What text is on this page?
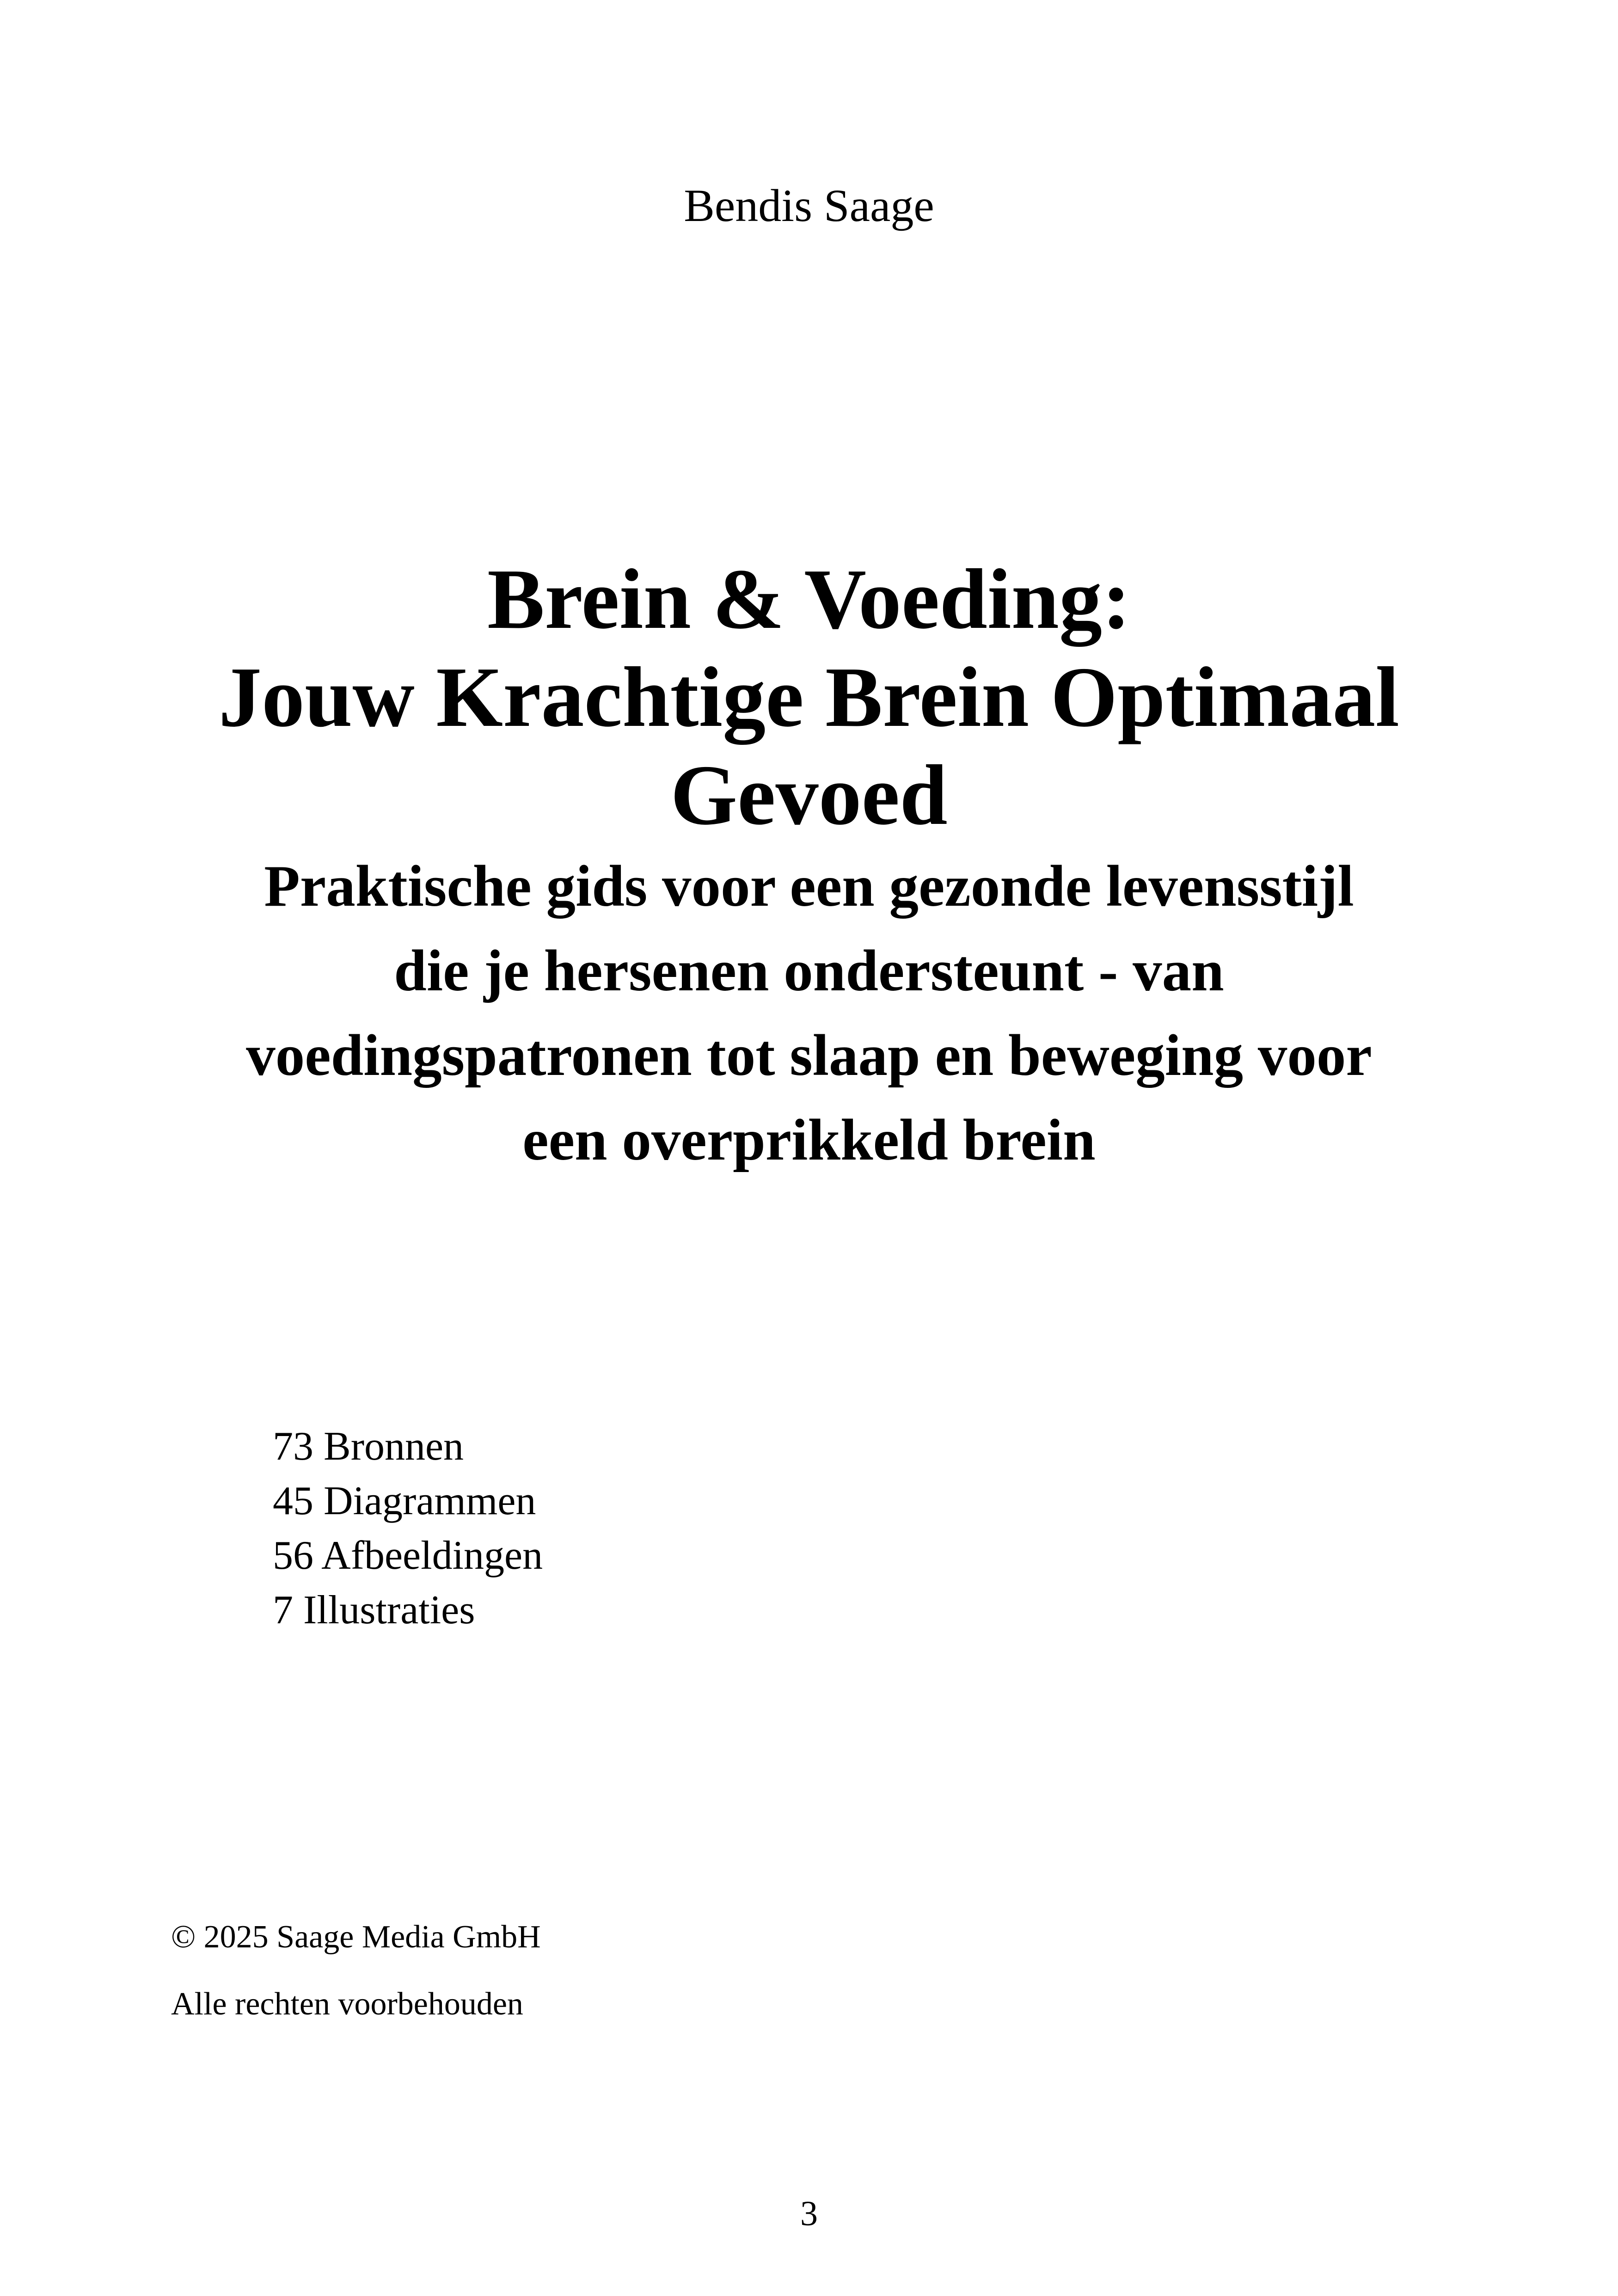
Bendis Saage
Brein & Voeding:
Jouw Krachtige Brein Optimaal
Gevoed
Praktische gids voor een gezonde levensstijl
die je hersenen ondersteunt - van
voedingspatronen tot slaap en beweging voor
een overprikkeld brein
73 Bronnen
45 Diagrammen
56 Afbeeldingen
7 Illustraties
© 2025 Saage Media GmbH
Alle rechten voorbehouden
3
